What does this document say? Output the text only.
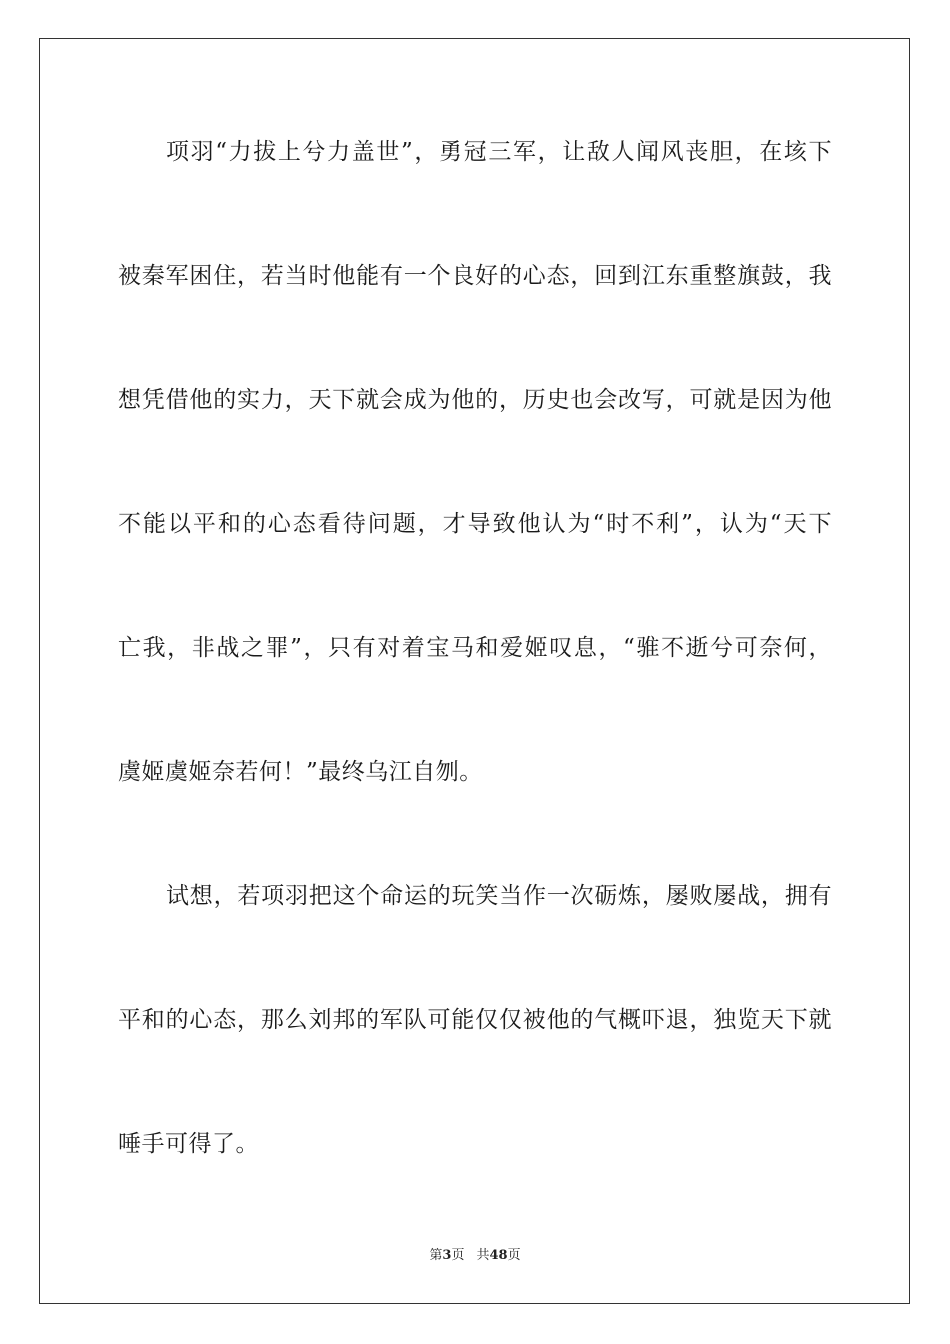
项羽“力拔上兮力盖世”，勇冠三军，让敌人闻风丧胆，在垓下
被秦军困住，若当时他能有一个良好的心态，回到江东重整旗鼓，我
想凭借他的实力，天下就会成为他的，历史也会改写，可就是因为他
不能以平和的心态看待问题，才导致他认为“时不利”，认为“天下
亡我，非战之罪”，只有对着宝马和爱姬叹息，“骓不逝兮可奈何，
虞姬虞姬奈若何！”最终乌江自刎。
试想，若项羽把这个命运的玩笑当作一次砺炼，屡败屡战，拥有
平和的心态，那么刘邦的军队可能仅仅被他的气概吓退，独览天下就
唾手可得了。
第3页 共48页
